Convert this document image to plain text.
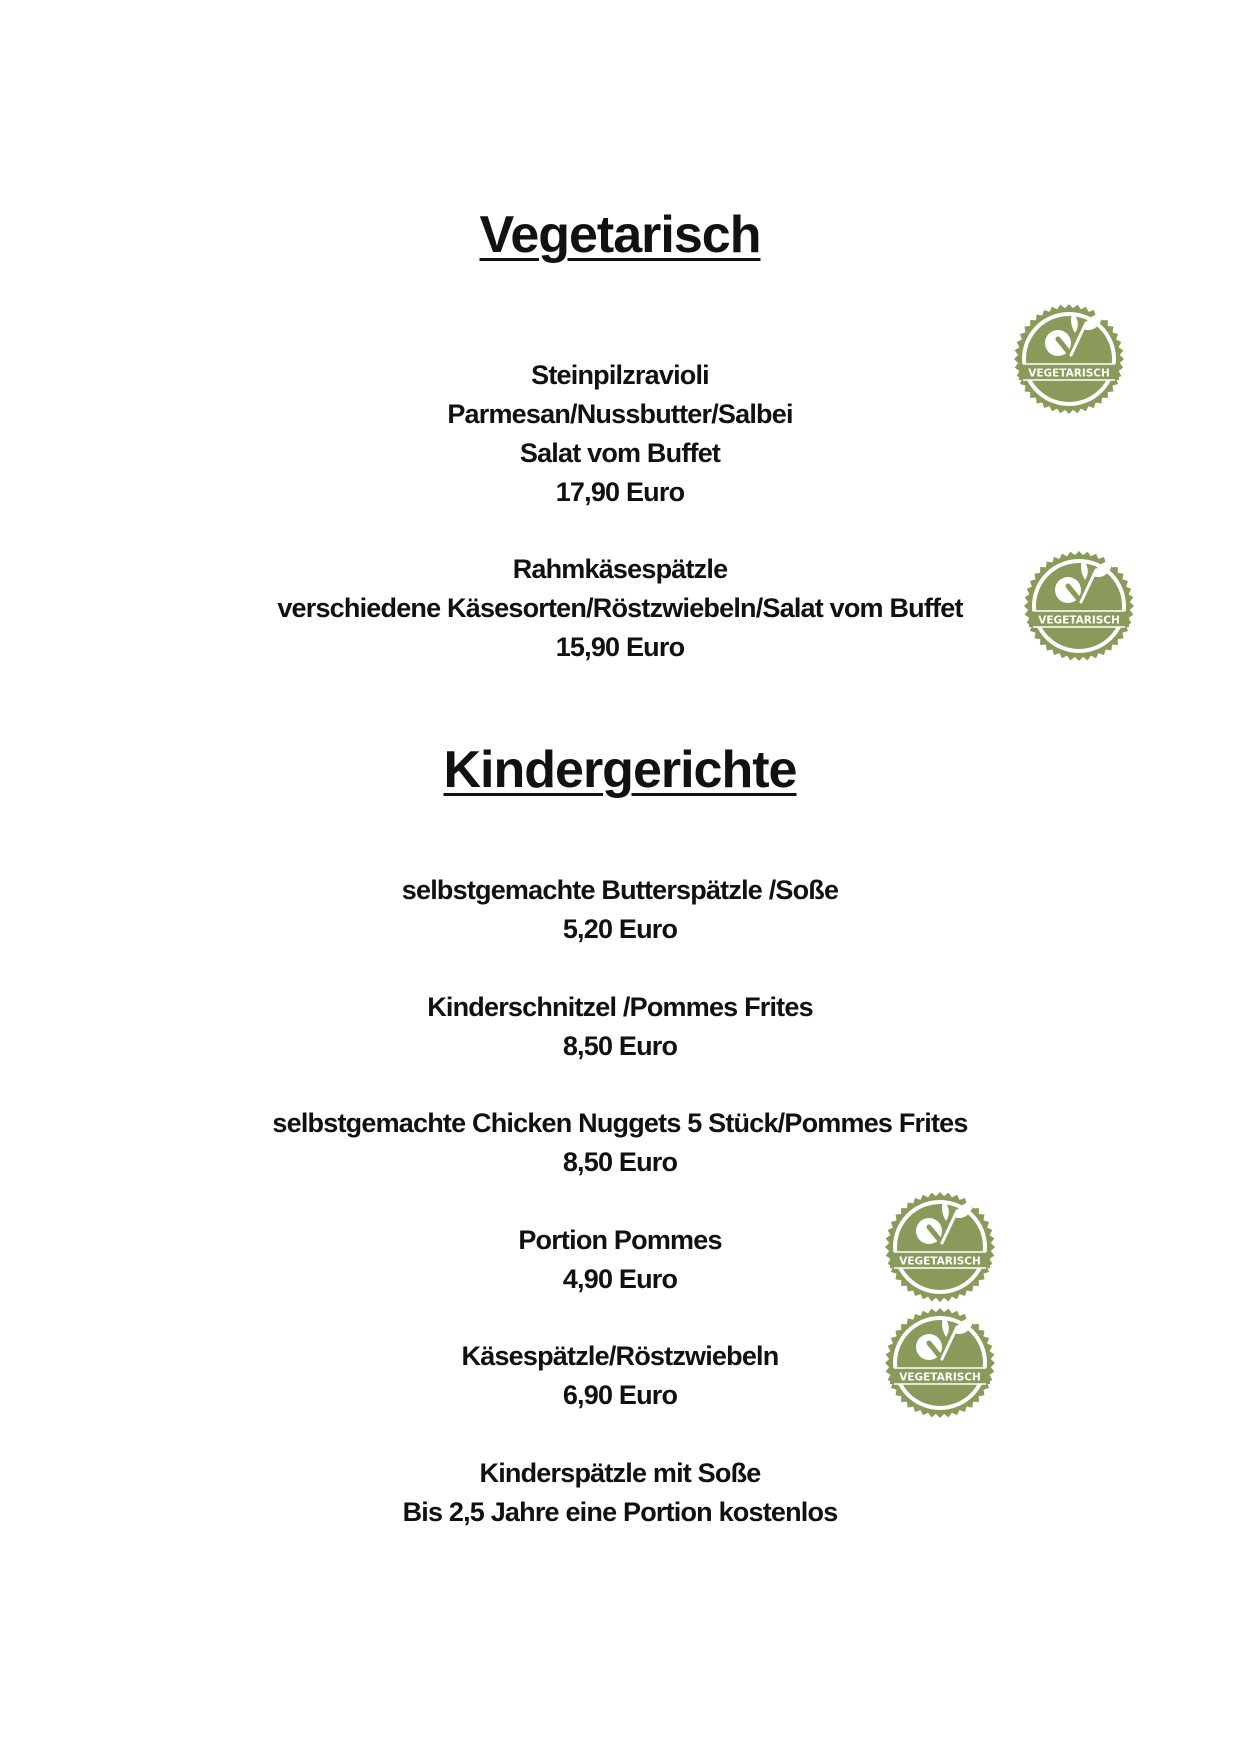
Vegetarisch
Steinpilzravioli
Parmesan/Nussbutter/Salbei
Salat vom Buffet
17,90 Euro
Rahmkäsespätzle
verschiedene Käsesorten/Röstzwiebeln/Salat vom Buffet
15,90 Euro
Kindergerichte
selbstgemachte Butterspätzle /Soße
5,20 Euro
Kinderschnitzel /Pommes Frites
8,50 Euro
selbstgemachte Chicken Nuggets 5 Stück/Pommes Frites
8,50 Euro
Portion Pommes
4,90 Euro
Käsespätzle/Röstzwiebeln
6,90 Euro
Kinderspätzle mit Soße
Bis 2,5 Jahre eine Portion kostenlos
VEGETARISCH
VEGETARISCH
VEGETARISCH
VEGETARISCH
